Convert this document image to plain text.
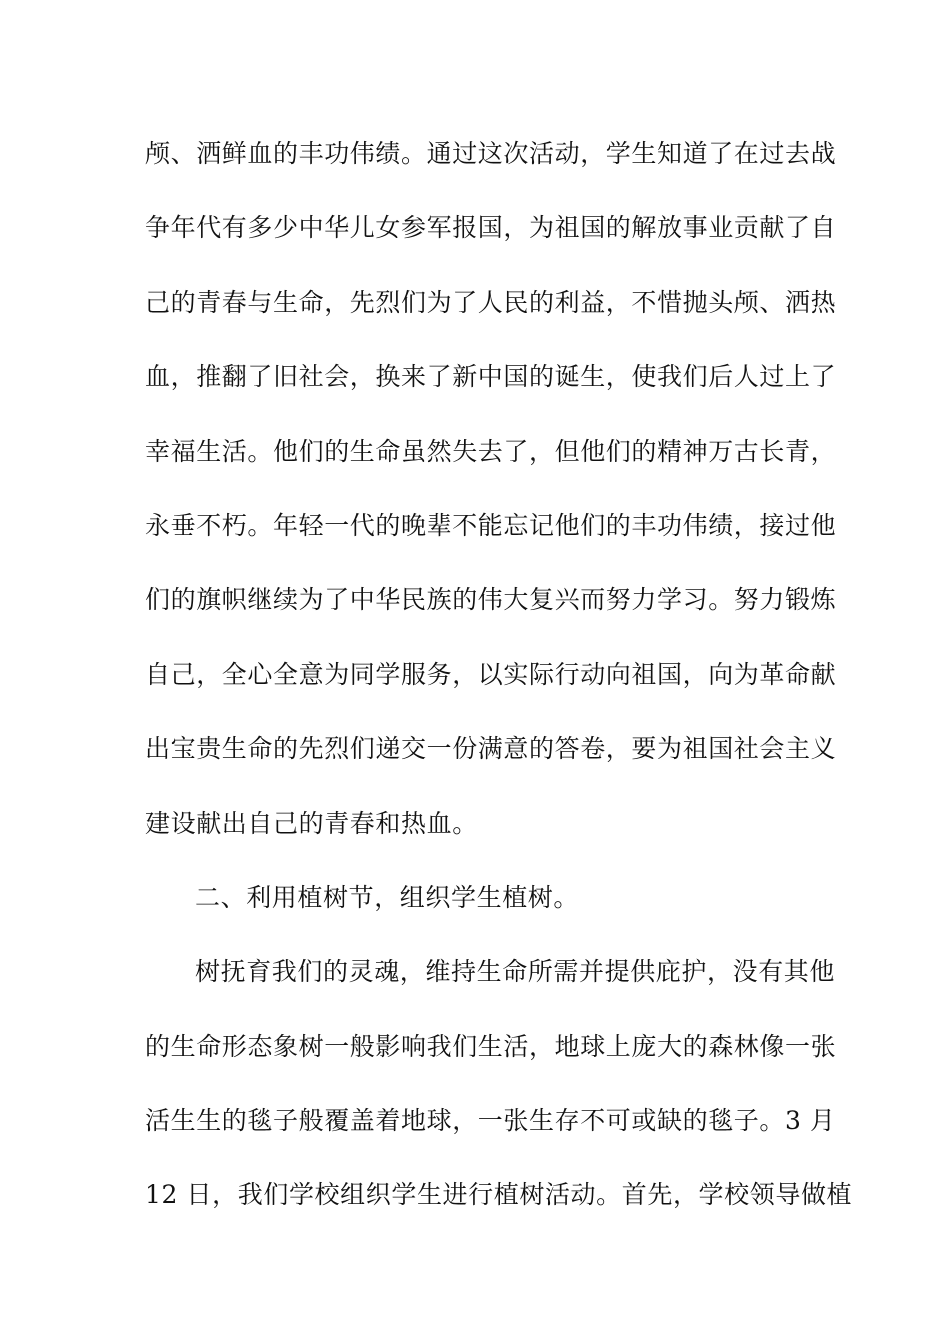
颅、洒鲜血的丰功伟绩。通过这次活动，学生知道了在过去战
争年代有多少中华儿女参军报国，为祖国的解放事业贡献了自
己的青春与生命，先烈们为了人民的利益，不惜抛头颅、洒热
血，推翻了旧社会，换来了新中国的诞生，使我们后人过上了
幸福生活。他们的生命虽然失去了，但他们的精神万古长青，
永垂不朽。年轻一代的晚辈不能忘记他们的丰功伟绩，接过他
们的旗帜继续为了中华民族的伟大复兴而努力学习。努力锻炼
自己，全心全意为同学服务，以实际行动向祖国，向为革命献
出宝贵生命的先烈们递交一份满意的答卷，要为祖国社会主义
建设献出自己的青春和热血。
二、利用植树节，组织学生植树。
树抚育我们的灵魂，维持生命所需并提供庇护，没有其他
的生命形态象树一般影响我们生活，地球上庞大的森林像一张
活生生的毯子般覆盖着地球，一张生存不可或缺的毯子。3 月
12 日，我们学校组织学生进行植树活动。首先，学校领导做植
